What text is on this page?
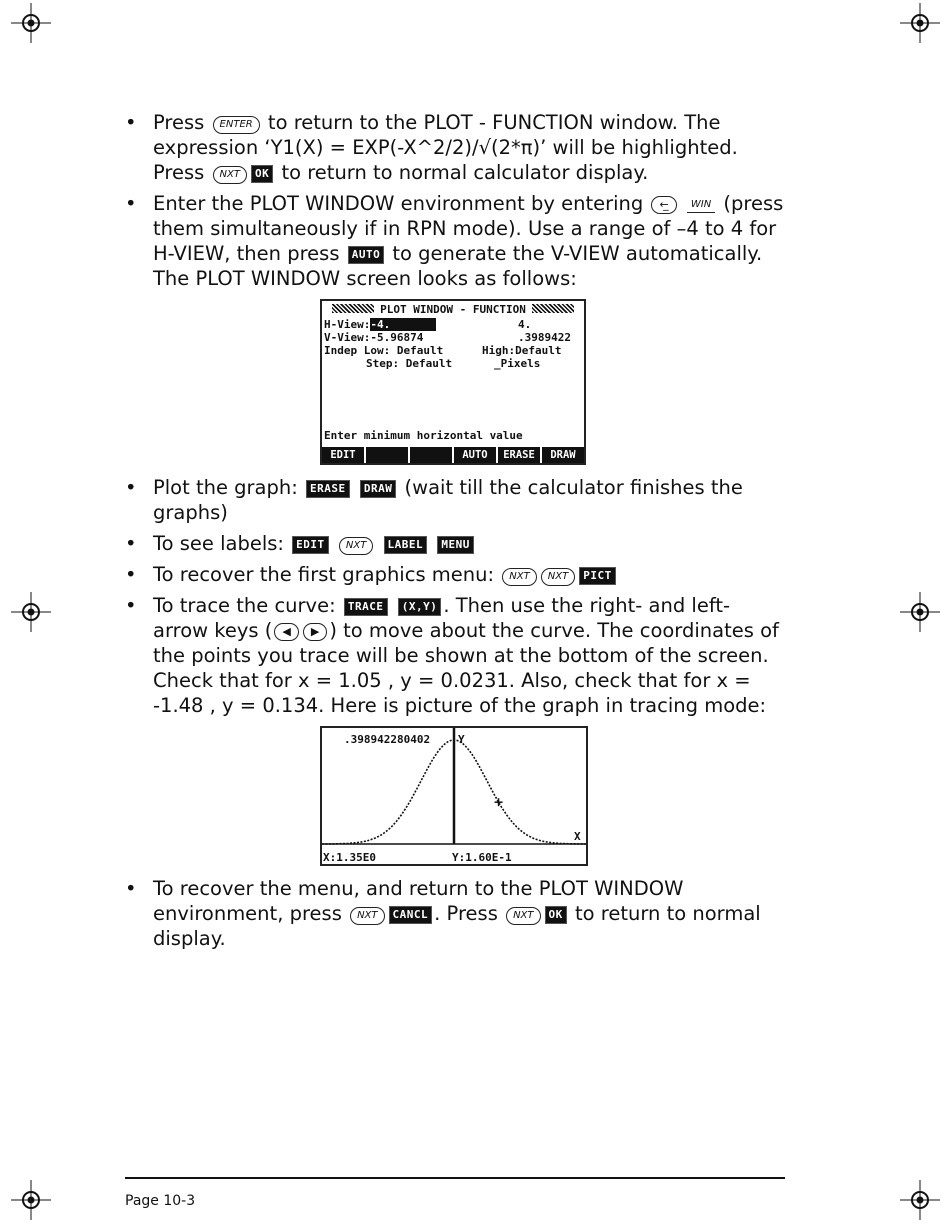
• Press ENTER to return to the PLOT - FUNCTION window. The expression ‘Y1(X) = EXP(-X^2/2)/√(2*π)’ will be highlighted. Press NXT OK to return to normal calculator display.
• Enter the PLOT WINDOW environment by entering ←̲ WIN (press them simultaneously if in RPN mode). Use a range of –4 to 4 for H-VIEW, then press AUTO to generate the V-VIEW automatically. The PLOT WINDOW screen looks as follows:
PLOT WINDOW - FUNCTION
H-View:-4.	4.
V-View:-5.96874	.3989422
Indep Low: Default	High:Default
Step: Default	_Pixels
Enter minimum horizontal value
EDIT	AUTO	ERASE	DRAW
• Plot the graph: ERASE DRAW (wait till the calculator finishes the graphs)
• To see labels: EDIT NXT LABEL MENU
• To recover the first graphics menu: NXT NXT PICT
• To trace the curve: TRACE (X,Y) . Then use the right- and left-arrow keys ( ◀ ▶ ) to move about the curve. The coordinates of the points you trace will be shown at the bottom of the screen. Check that for x = 1.05 , y = 0.0231. Also, check that for x = -1.48 , y = 0.134. Here is picture of the graph in tracing mode:
.398942280402	Y
X
X:1.35E0	Y:1.60E-1
• To recover the menu, and return to the PLOT WINDOW environment, press NXT CANCL . Press NXT OK to return to normal display.
Page 10-3
